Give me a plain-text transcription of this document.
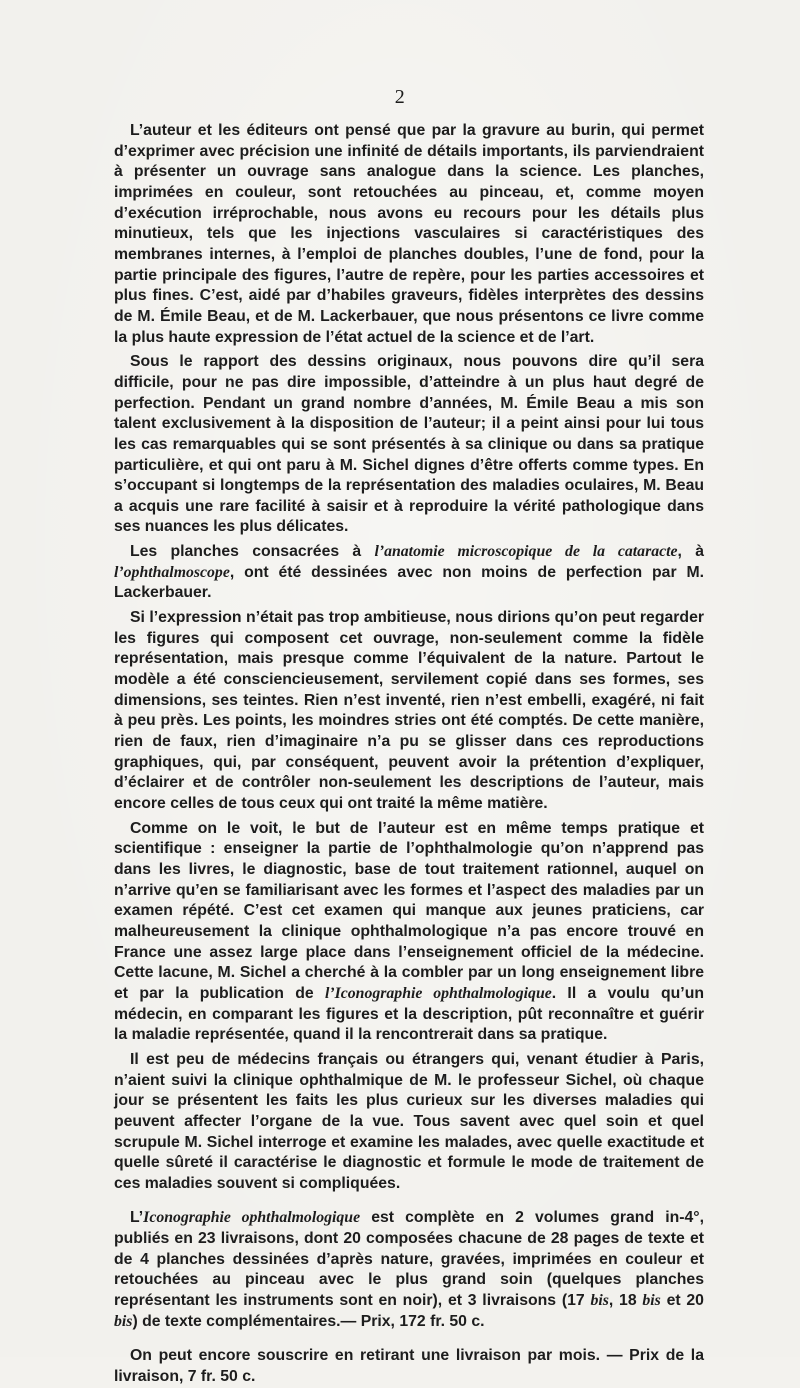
2

L’auteur et les éditeurs ont pensé que par la gravure au burin, qui permet d’exprimer avec précision une infinité de détails importants, ils parviendraient à présenter un ouvrage sans analogue dans la science. Les planches, imprimées en couleur, sont retouchées au pinceau, et, comme moyen d’exécution irréprochable, nous avons eu recours pour les détails plus minutieux, tels que les injections vasculaires si caractéristiques des membranes internes, à l’emploi de planches doubles, l’une de fond, pour la partie principale des figures, l’autre de repère, pour les parties accessoires et plus fines. C’est, aidé par d’habiles graveurs, fidèles interprètes des dessins de M. Émile Beau, et de M. Lackerbauer, que nous présentons ce livre comme la plus haute expression de l’état actuel de la science et de l’art.

Sous le rapport des dessins originaux, nous pouvons dire qu’il sera difficile, pour ne pas dire impossible, d’atteindre à un plus haut degré de perfection. Pendant un grand nombre d’années, M. Émile Beau a mis son talent exclusivement à la disposition de l’auteur; il a peint ainsi pour lui tous les cas remarquables qui se sont présentés à sa clinique ou dans sa pratique particulière, et qui ont paru à M. Sichel dignes d’être offerts comme types. En s’occupant si longtemps de la représentation des maladies oculaires, M. Beau a acquis une rare facilité à saisir et à reproduire la vérité pathologique dans ses nuances les plus délicates.

Les planches consacrées à l’anatomie microscopique de la cataracte, à l’ophthalmoscope, ont été dessinées avec non moins de perfection par M. Lackerbauer.

Si l’expression n’était pas trop ambitieuse, nous dirions qu’on peut regarder les figures qui composent cet ouvrage, non-seulement comme la fidèle représentation, mais presque comme l’équivalent de la nature. Partout le modèle a été consciencieusement, servilement copié dans ses formes, ses dimensions, ses teintes. Rien n’est inventé, rien n’est embelli, exagéré, ni fait à peu près. Les points, les moindres stries ont été comptés. De cette manière, rien de faux, rien d’imaginaire n’a pu se glisser dans ces reproductions graphiques, qui, par conséquent, peuvent avoir la prétention d’expliquer, d’éclairer et de contrôler non-seulement les descriptions de l’auteur, mais encore celles de tous ceux qui ont traité la même matière.

Comme on le voit, le but de l’auteur est en même temps pratique et scientifique : enseigner la partie de l’ophthalmologie qu’on n’apprend pas dans les livres, le diagnostic, base de tout traitement rationnel, auquel on n’arrive qu’en se familiarisant avec les formes et l’aspect des maladies par un examen répété. C’est cet examen qui manque aux jeunes praticiens, car malheureusement la clinique ophthalmologique n’a pas encore trouvé en France une assez large place dans l’enseignement officiel de la médecine. Cette lacune, M. Sichel a cherché à la combler par un long enseignement libre et par la publication de l’Iconographie ophthalmologique. Il a voulu qu’un médecin, en comparant les figures et la description, pût reconnaître et guérir la maladie représentée, quand il la rencontrerait dans sa pratique.

Il est peu de médecins français ou étrangers qui, venant étudier à Paris, n’aient suivi la clinique ophthalmique de M. le professeur Sichel, où chaque jour se présentent les faits les plus curieux sur les diverses maladies qui peuvent affecter l’organe de la vue. Tous savent avec quel soin et quel scrupule M. Sichel interroge et examine les malades, avec quelle exactitude et quelle sûreté il caractérise le diagnostic et formule le mode de traitement de ces maladies souvent si compliquées.

L’Iconographie ophthalmologique est complète en 2 volumes grand in-4°, publiés en 23 livraisons, dont 20 composées chacune de 28 pages de texte et de 4 planches dessinées d’après nature, gravées, imprimées en couleur et retouchées au pinceau avec le plus grand soin (quelques planches représentant les instruments sont en noir), et 3 livraisons (17 bis, 18 bis et 20 bis) de texte complémentaires.— Prix, 172 fr. 50 c.

On peut encore souscrire en retirant une livraison par mois. — Prix de la livraison, 7 fr. 50 c.
